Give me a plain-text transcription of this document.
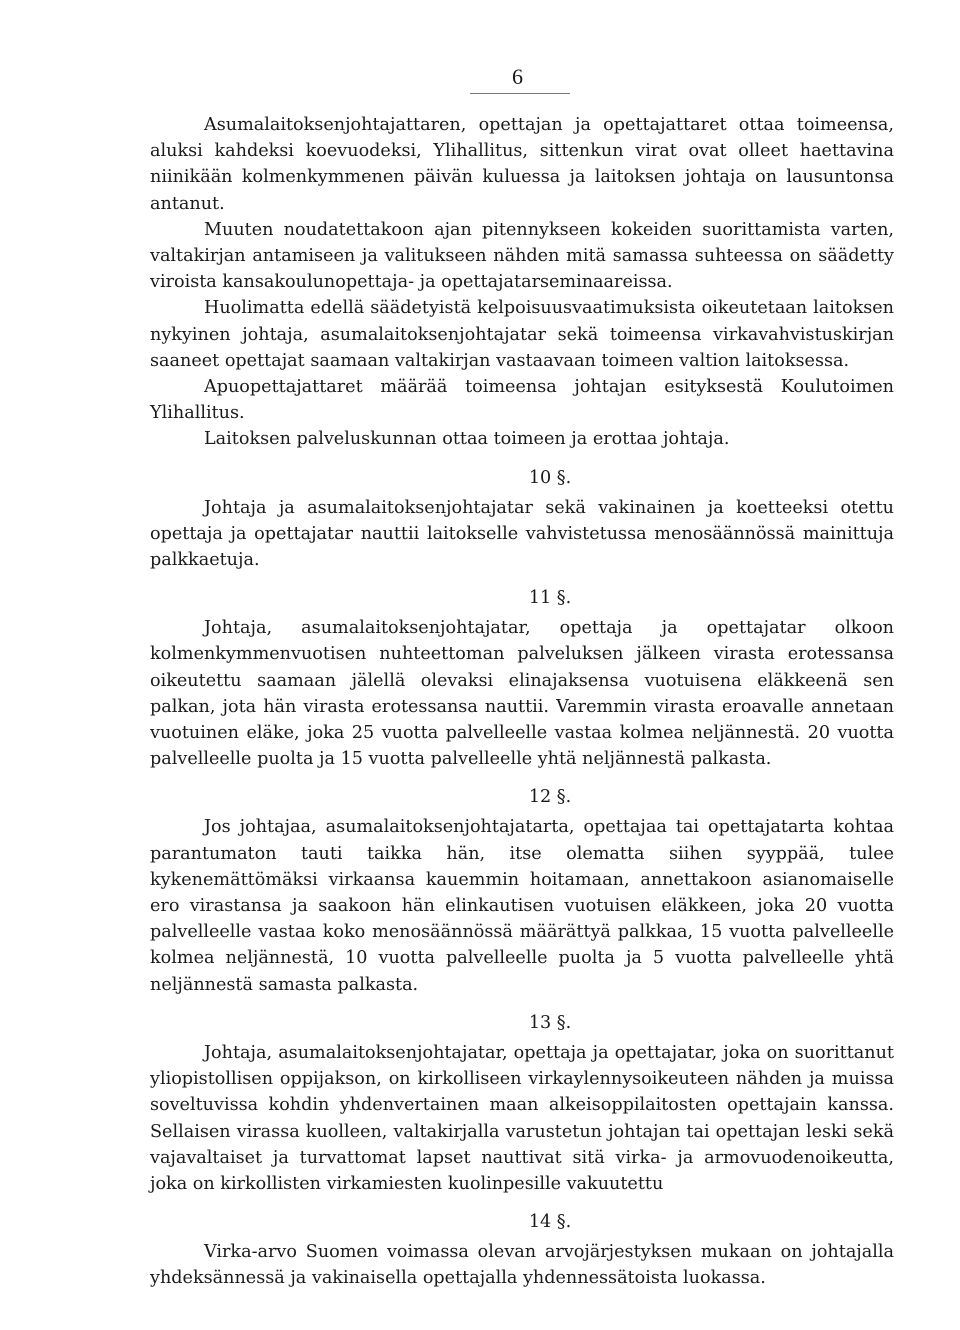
6

Asumalaitoksenjohtajattaren, opettajan ja opettajattaret ottaa toimeensa, aluksi kahdeksi koevuodeksi, Ylihallitus, sittenkun virat ovat olleet haettavina niinikään kolmenkymmenen päivän kuluessa ja laitoksen johtaja on lausuntonsa antanut.

Muuten noudatettakoon ajan pitennykseen kokeiden suorittamista varten, valtakirjan antamiseen ja valitukseen nähden mitä samassa suhteessa on säädetty viroista kansakoulunopettaja- ja opettajatarseminaareissa.

Huolimatta edellä säädetyistä kelpoisuusvaatimuksista oikeutetaan laitoksen nykyinen johtaja, asumalaitoksenjohtajatar sekä toimeensa virkavahvistuskirjan saaneet opettajat saamaan valtakirjan vastaavaan toimeen valtion laitoksessa.

Apuopettajattaret määrää toimeensa johtajan esityksestä Koulutoimen Ylihallitus.

Laitoksen palveluskunnan ottaa toimeen ja erottaa johtaja.

10 §.

Johtaja ja asumalaitoksenjohtajatar sekä vakinainen ja koetteeksi otettu opettaja ja opettajatar nauttii laitokselle vahvistetussa menosäännössä mainittuja palkkaetuja.

11 §.

Johtaja, asumalaitoksenjohtajatar, opettaja ja opettajatar olkoon kolmenkymmenvuotisen nuhteettoman palveluksen jälkeen virasta erotessansa oikeutettu saamaan jälellä olevaksi elinajaksensa vuotuisena eläkkeenä sen palkan, jota hän virasta erotessansa nauttii. Varemmin virasta eroavalle annetaan vuotuinen eläke, joka 25 vuotta palvelleelle vastaa kolmea neljännestä. 20 vuotta palvelleelle puolta ja 15 vuotta palvelleelle yhtä neljännestä palkasta.

12 §.

Jos johtajaa, asumalaitoksenjohtajatarta, opettajaa tai opettajatarta kohtaa parantumaton tauti taikka hän, itse olematta siihen syyppää, tulee kykenemättömäksi virkaansa kauemmin hoitamaan, annettakoon asianomaiselle ero virastansa ja saakoon hän elinkautisen vuotuisen eläkkeen, joka 20 vuotta palvelleelle vastaa koko menosäännössä määrättyä palkkaa, 15 vuotta palvelleelle kolmea neljännestä, 10 vuotta palvelleelle puolta ja 5 vuotta palvelleelle yhtä neljännestä samasta palkasta.

13 §.

Johtaja, asumalaitoksenjohtajatar, opettaja ja opettajatar, joka on suorittanut yliopistollisen oppijakson, on kirkolliseen virkaylennysoikeuteen nähden ja muissa soveltuvissa kohdin yhdenvertainen maan alkeisoppilaitosten opettajain kanssa. Sellaisen virassa kuolleen, valtakirjalla varustetun johtajan tai opettajan leski sekä vajavaltaiset ja turvattomat lapset nauttivat sitä virka- ja armovuodenoikeutta, joka on kirkollisten virkamiesten kuolinpesille vakuutettu

14 §.

Virka-arvo Suomen voimassa olevan arvojärjestyksen mukaan on johtajalla yhdeksännessä ja vakinaisella opettajalla yhdennessätoista luokassa.
